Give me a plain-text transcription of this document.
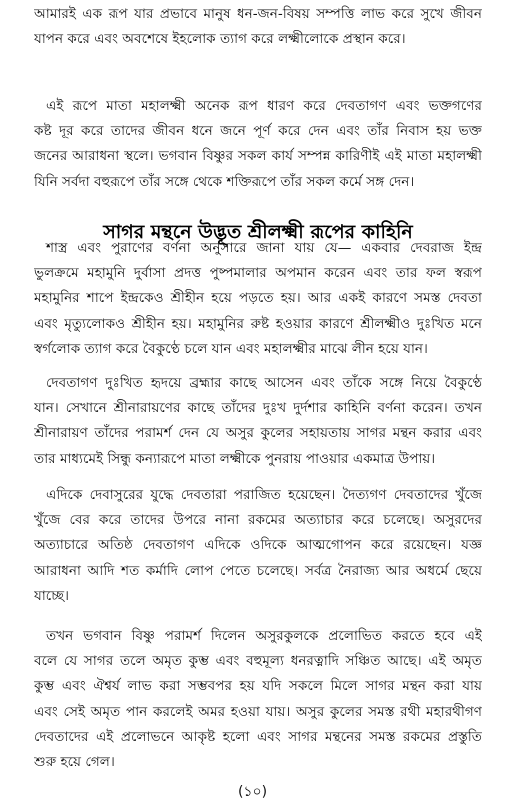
আমারই এক রূপ যার প্রভাবে মানুষ ধন-জন-বিষয় সম্পত্তি লাভ করে সুখে জীবন
যাপন করে এবং অবশেষে ইহলোক ত্যাগ করে লক্ষ্মীলোকে প্রস্থান করে।

এই রূপে মাতা মহালক্ষ্মী অনেক রূপ ধারণ করে দেবতাগণ এবং ভক্তগণের
কষ্ট দূর করে তাদের জীবন ধনে জনে পূর্ণ করে দেন এবং তাঁর নিবাস হয় ভক্ত
জনের আরাধনা স্থলে। ভগবান বিষ্ণুর সকল কার্য সম্পন্ন কারিণীই এই মাতা মহালক্ষ্মী
যিনি সর্বদা বহুরূপে তাঁর সঙ্গে থেকে শক্তিরূপে তাঁর সকল কর্মে সঙ্গ দেন।

সাগর মন্থনে উদ্ভূত শ্রীলক্ষ্মী রূপের কাহিনি

শাস্ত্র এবং পুরাণের বর্ণনা অনুসারে জানা যায় যে— একবার দেবরাজ ইন্দ্র
ভুলক্রমে মহামুনি দুর্বাসা প্রদত্ত পুষ্পমালার অপমান করেন এবং তার ফল স্বরূপ
মহামুনির শাপে ইন্দ্রকেও শ্রীহীন হয়ে পড়তে হয়। আর একই কারণে সমস্ত দেবতা
এবং মৃত্যুলোকও শ্রীহীন হয়। মহামুনির রুষ্ট হওয়ার কারণে শ্রীলক্ষ্মীও দুঃখিত মনে
স্বর্গলোক ত্যাগ করে বৈকুণ্ঠে চলে যান এবং মহালক্ষ্মীর মাঝে লীন হয়ে যান।

দেবতাগণ দুঃখিত হৃদয়ে ব্রহ্মার কাছে আসেন এবং তাঁকে সঙ্গে নিয়ে বৈকুণ্ঠে
যান। সেখানে শ্রীনারায়ণের কাছে তাঁদের দুঃখ দুর্দশার কাহিনি বর্ণনা করেন। তখন
শ্রীনারায়ণ তাঁদের পরামর্শ দেন যে অসুর কুলের সহায়তায় সাগর মন্থন করার এবং
তার মাধ্যমেই সিন্ধু কন্যারূপে মাতা লক্ষ্মীকে পুনরায় পাওয়ার একমাত্র উপায়।

এদিকে দেবাসুরের যুদ্ধে দেবতারা পরাজিত হয়েছেন। দৈত্যগণ দেবতাদের খুঁজে
খুঁজে বের করে তাদের উপরে নানা রকমের অত্যাচার করে চলেছে। অসুরদের
অত্যাচারে অতিষ্ঠ দেবতাগণ এদিকে ওদিকে আত্মগোপন করে রয়েছেন। যজ্ঞ
আরাধনা আদি শত কর্মাদি লোপ পেতে চলেছে। সর্বত্র নৈরাজ্য আর অধর্মে ছেয়ে
যাচ্ছে।

তখন ভগবান বিষ্ণু পরামর্শ দিলেন অসুরকুলকে প্রলোভিত করতে হবে এই
বলে যে সাগর তলে অমৃত কুম্ভ এবং বহুমূল্য ধনরত্নাদি সঞ্চিত আছে। এই অমৃত
কুম্ভ এবং ঐশ্বর্য লাভ করা সম্ভবপর হয় যদি সকলে মিলে সাগর মন্থন করা যায়
এবং সেই অমৃত পান করলেই অমর হওয়া যায়। অসুর কুলের সমস্ত রথী মহারথীগণ
দেবতাদের এই প্রলোভনে আকৃষ্ট হলো এবং সাগর মন্থনের সমস্ত রকমের প্রস্তুতি
শুরু হয়ে গেল।

(১০)
